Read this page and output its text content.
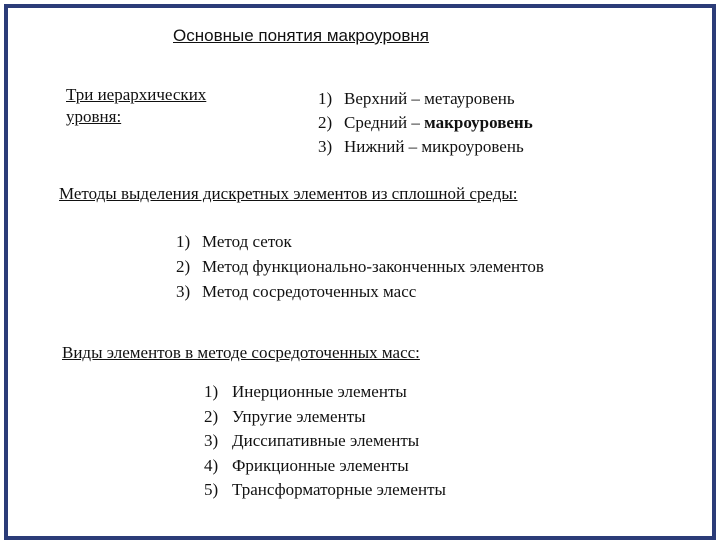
Основные понятия макроуровня
Три иерархических уровня:
1) Верхний – метауровень
2) Средний – макроуровень
3) Нижний – микроуровень
Методы выделения дискретных элементов из сплошной среды:
1) Метод сеток
2) Метод функционально-законченных элементов
3) Метод сосредоточенных масс
Виды элементов в методе сосредоточенных масс:
1) Инерционные элементы
2) Упругие элементы
3) Диссипативные элементы
4) Фрикционные элементы
5) Трансформаторные элементы
